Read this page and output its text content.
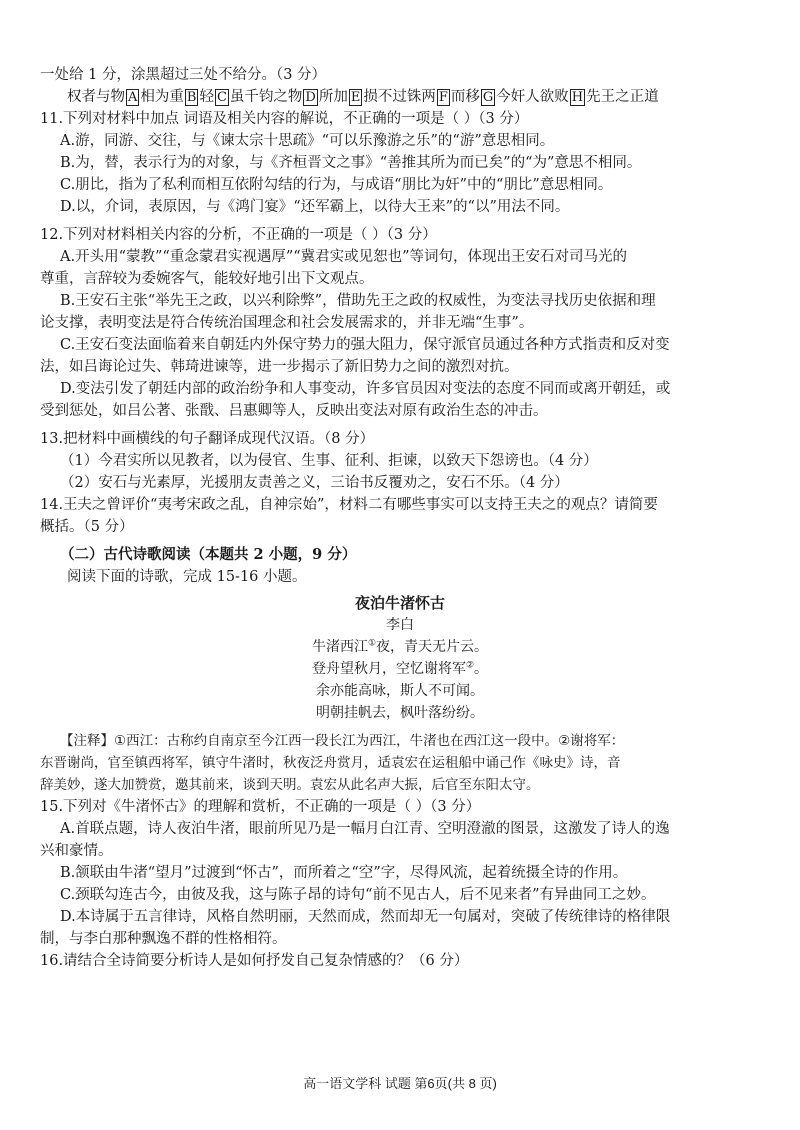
一处给 1 分，涂黑超过三处不给分。（3 分）
权者与物 A 相为重 B 轻 C 虽千钧之物 D 所加 E 损不过铢两 F 而移 G 今奸人欲败 H 先王之正道
11.下列对材料中加点 词语及相关内容的解说，不正确的一项是（ ）（3 分）
A.游，同游、交往，与《谏太宗十思疏》“可以乐豫游之乐”的“游”意思相同。
B.为，替，表示行为的对象，与《齐桓晋文之事》“善推其所为而已矣”的“为”意思不相同。
C.朋比，指为了私利而相互依附勾结的行为，与成语“朋比为奸”中的“朋比”意思相同。
D.以，介词，表原因，与《鸿门宴》“还军霸上，以待大王来”的“以”用法不同。
12.下列对材料相关内容的分析，不正确的一项是（ ）（3 分）
A.开头用“蒙教”“重念蒙君实视遇厚”“冀君实或见恕也”等词句，体现出王安石对司马光的
尊重，言辞较为委婉客气，能较好地引出下文观点。
B.王安石主张“举先王之政，以兴利除弊”，借助先王之政的权威性，为变法寻找历史依据和理
论支撑，表明变法是符合传统治国理念和社会发展需求的，并非无端“生事”。
C.王安石变法面临着来自朝廷内外保守势力的强大阻力，保守派官员通过各种方式指责和反对变
法，如吕诲论过失、韩琦进谏等，进一步揭示了新旧势力之间的激烈对抗。
D.变法引发了朝廷内部的政治纷争和人事变动，许多官员因对变法的态度不同而或离开朝廷，或
受到惩处，如吕公著、张戬、吕惠卿等人，反映出变法对原有政治生态的冲击。
13.把材料中画横线的句子翻译成现代汉语。（8 分）
（1）今君实所以见教者，以为侵官、生事、征利、拒谏，以致天下怨谤也。（4 分）
（2）安石与光素厚，光援朋友责善之义，三诒书反覆劝之，安石不乐。（4 分）
14.王夫之曾评价“夷考宋政之乱，自神宗始”，材料二有哪些事实可以支持王夫之的观点？请简要
概括。（5 分）
（二）古代诗歌阅读（本题共 2 小题，9 分）
阅读下面的诗歌，完成 15-16 小题。
夜泊牛渚怀古
李白
牛渚西江①夜，青天无片云。
登舟望秋月，空忆谢将军②。
余亦能高咏，斯人不可闻。
明朝挂帆去，枫叶落纷纷。
【注释】①西江：古称约自南京至今江西一段长江为西江，牛渚也在西江这一段中。②谢将军：
东晋谢尚，官至镇西将军，镇守牛渚时，秋夜泛舟赏月，适袁宏在运租船中诵己作《咏史》诗，音
辞美妙，遂大加赞赏，邀其前来，谈到天明。袁宏从此名声大振，后官至东阳太守。
15.下列对《牛渚怀古》的理解和赏析，不正确的一项是（ ）（3 分）
A.首联点题，诗人夜泊牛渚，眼前所见乃是一幅月白江青、空明澄澈的图景，这激发了诗人的逸
兴和豪情。
B.颔联由牛渚“望月”过渡到“怀古”，而所着之“空”字，尽得风流，起着统摄全诗的作用。
C.颈联勾连古今，由彼及我，这与陈子昂的诗句“前不见古人，后不见来者”有异曲同工之妙。
D.本诗属于五言律诗，风格自然明丽，天然而成，然而却无一句属对，突破了传统律诗的格律限
制，与李白那种飘逸不群的性格相符。
16.请结合全诗简要分析诗人是如何抒发自己复杂情感的？（6 分）
高一语文学科 试题 第6页(共 8 页)
